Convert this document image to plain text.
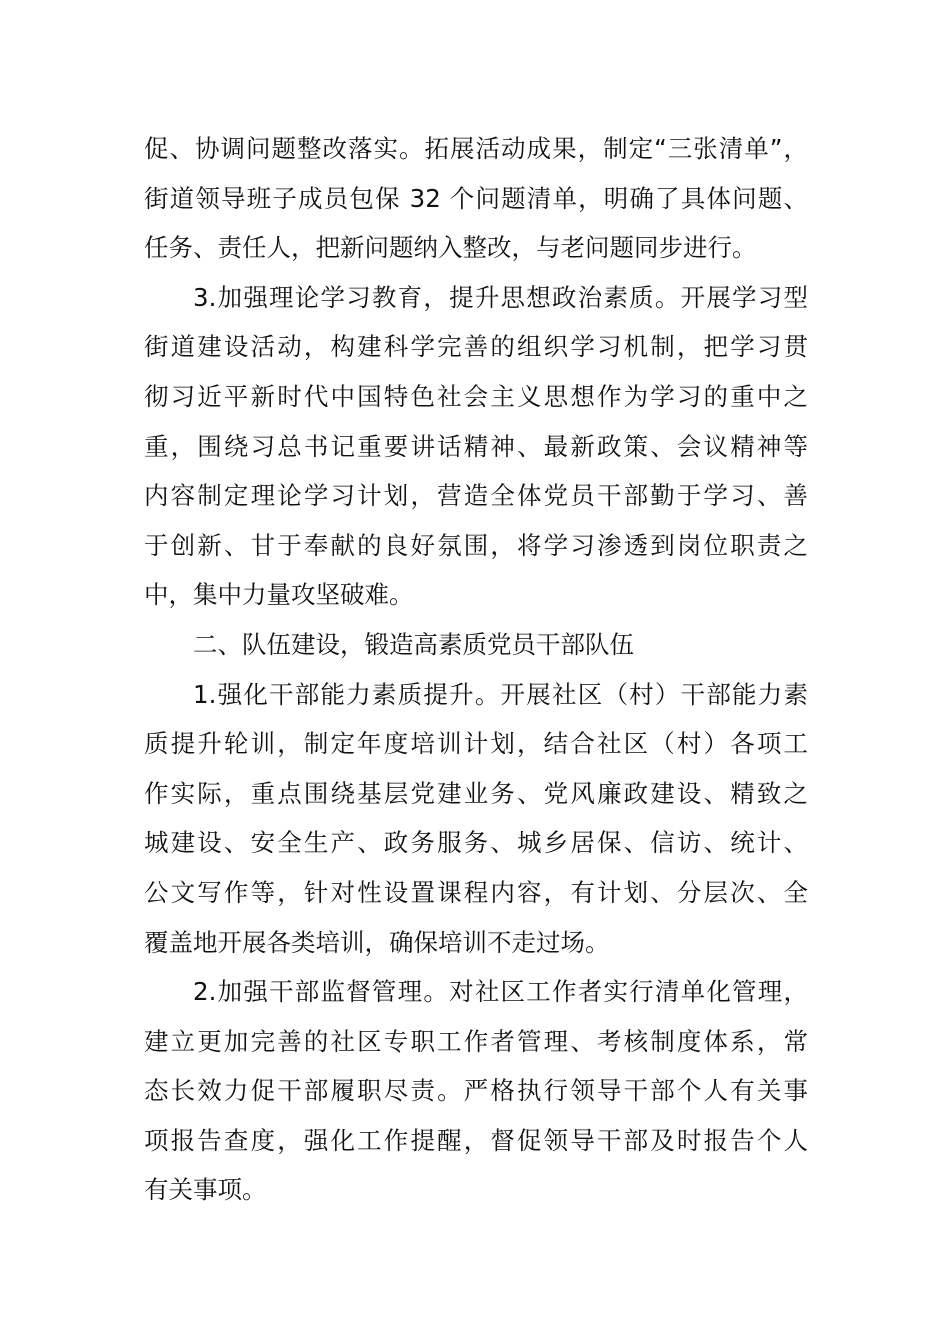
促、协调问题整改落实。拓展活动成果，制定“三张清单”，
街道领导班子成员包保 32 个问题清单，明确了具体问题、
任务、责任人，把新问题纳入整改，与老问题同步进行。
3.加强理论学习教育，提升思想政治素质。开展学习型
街道建设活动，构建科学完善的组织学习机制，把学习贯
彻习近平新时代中国特色社会主义思想作为学习的重中之
重，围绕习总书记重要讲话精神、最新政策、会议精神等
内容制定理论学习计划，营造全体党员干部勤于学习、善
于创新、甘于奉献的良好氛围，将学习渗透到岗位职责之
中，集中力量攻坚破难。
二、队伍建设，锻造高素质党员干部队伍
1.强化干部能力素质提升。开展社区（村）干部能力素
质提升轮训，制定年度培训计划，结合社区（村）各项工
作实际，重点围绕基层党建业务、党风廉政建设、精致之
城建设、安全生产、政务服务、城乡居保、信访、统计、
公文写作等，针对性设置课程内容，有计划、分层次、全
覆盖地开展各类培训，确保培训不走过场。
2.加强干部监督管理。对社区工作者实行清单化管理，
建立更加完善的社区专职工作者管理、考核制度体系，常
态长效力促干部履职尽责。严格执行领导干部个人有关事
项报告查度，强化工作提醒，督促领导干部及时报告个人
有关事项。
